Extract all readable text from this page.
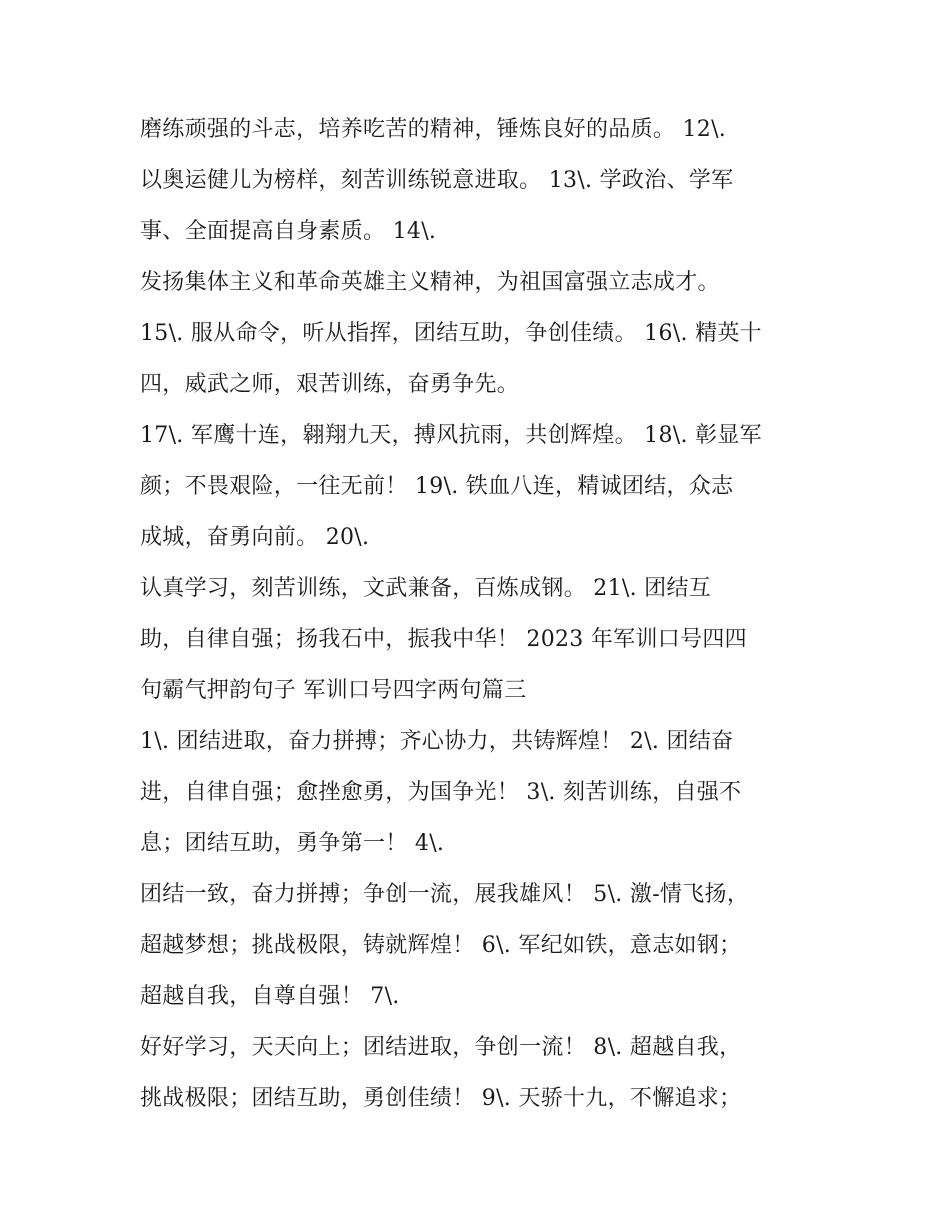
磨练顽强的斗志，培养吃苦的精神，锤炼良好的品质。 12\.
以奥运健儿为榜样，刻苦训练锐意进取。 13\. 学政治、学军
事、全面提高自身素质。 14\.
发扬集体主义和革命英雄主义精神，为祖国富强立志成才。
15\. 服从命令，听从指挥，团结互助，争创佳绩。 16\. 精英十
四，威武之师，艰苦训练，奋勇争先。
17\. 军鹰十连，翱翔九天，搏风抗雨，共创辉煌。 18\. 彰显军
颜；不畏艰险，一往无前！ 19\. 铁血八连，精诚团结，众志
成城，奋勇向前。 20\.
认真学习，刻苦训练，文武兼备，百炼成钢。 21\. 团结互
助，自律自强；扬我石中，振我中华！ 2023 年军训口号四四
句霸气押韵句子 军训口号四字两句篇三
1\. 团结进取，奋力拼搏；齐心协力，共铸辉煌！ 2\. 团结奋
进，自律自强；愈挫愈勇，为国争光！ 3\. 刻苦训练，自强不
息；团结互助，勇争第一！ 4\.
团结一致，奋力拼搏；争创一流，展我雄风！ 5\. 激-情飞扬，
超越梦想；挑战极限，铸就辉煌！ 6\. 军纪如铁，意志如钢；
超越自我，自尊自强！ 7\.
好好学习，天天向上；团结进取，争创一流！ 8\. 超越自我，
挑战极限；团结互助，勇创佳绩！ 9\. 天骄十九，不懈追求；
